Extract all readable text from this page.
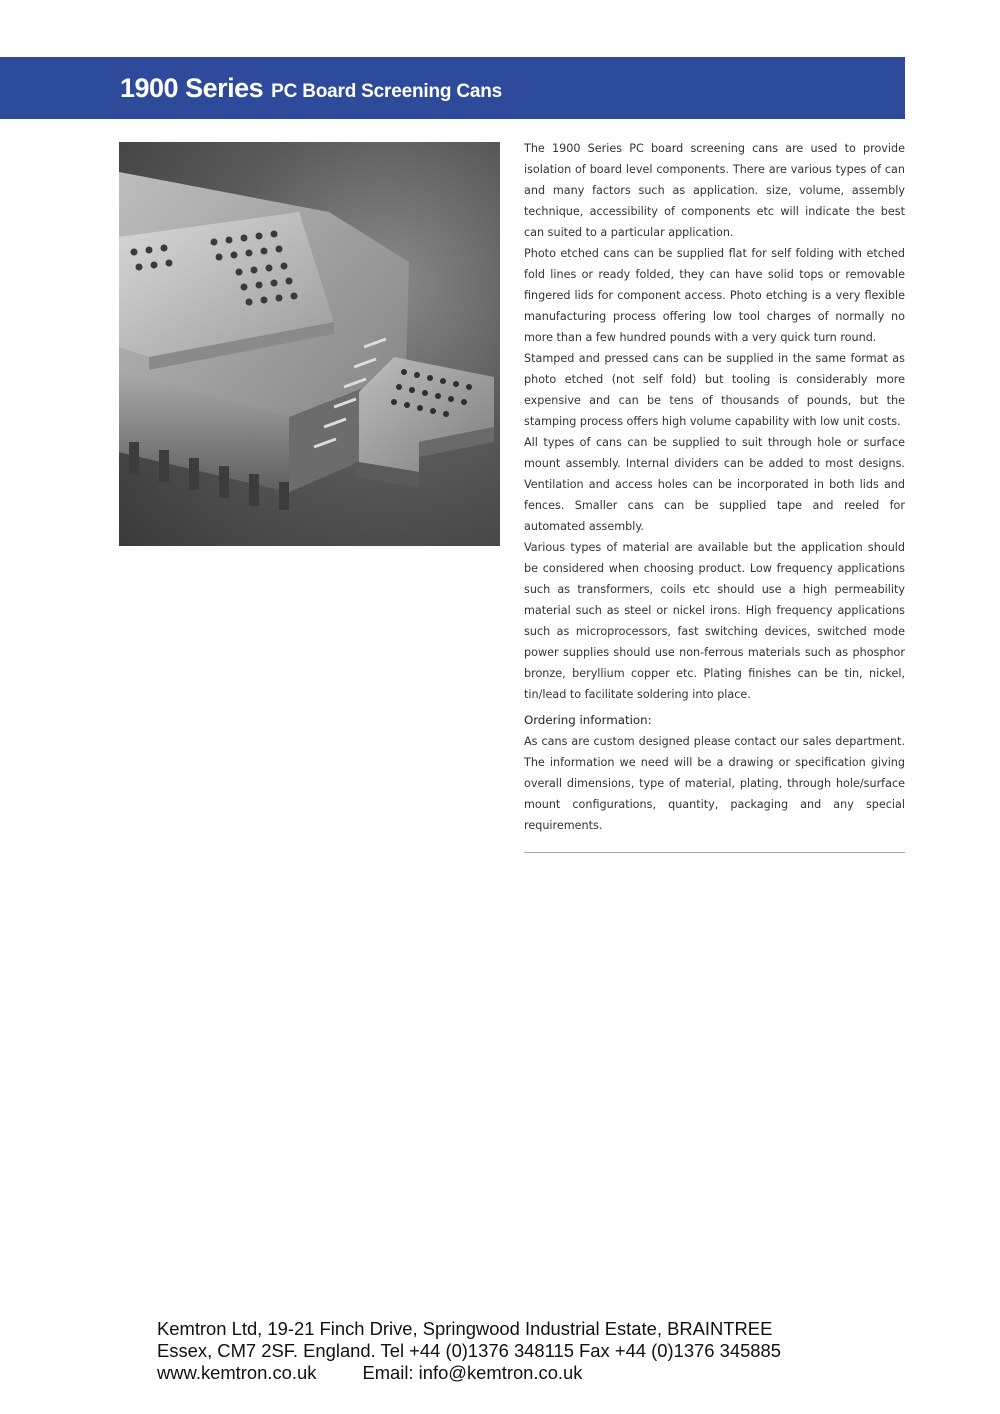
1900 Series PC Board Screening Cans

The 1900 Series PC board screening cans are used to provide isolation of board level components. There are various types of can and many factors such as application. size, volume, assembly technique, accessibility of components etc will indicate the best can suited to a particular application.

Photo etched cans can be supplied flat for self folding with etched fold lines or ready folded, they can have solid tops or removable fingered lids for component access. Photo etching is a very flexible manufacturing process offering low tool charges of normally no more than a few hundred pounds with a very quick turn round.

Stamped and pressed cans can be supplied in the same format as photo etched (not self fold) but tooling is considerably more expensive and can be tens of thousands of pounds, but the stamping process offers high volume capability with low unit costs.

All types of cans can be supplied to suit through hole or surface mount assembly. Internal dividers can be added to most designs. Ventilation and access holes can be incorporated in both lids and fences. Smaller cans can be supplied tape and reeled for automated assembly.

Various types of material are available but the application should be considered when choosing product. Low frequency applications such as transformers, coils etc should use a high permeability material such as steel or nickel irons. High frequency applications such as microprocessors, fast switching devices, switched mode power supplies should use non-ferrous materials such as phosphor bronze, beryllium copper etc. Plating finishes can be tin, nickel, tin/lead to facilitate soldering into place.

Ordering information:

As cans are custom designed please contact our sales department. The information we need will be a drawing or specification giving overall dimensions, type of material, plating, through hole/surface mount configurations, quantity, packaging and any special requirements.

Kemtron Ltd, 19-21 Finch Drive, Springwood Industrial Estate, BRAINTREE
Essex, CM7 2SF. England. Tel +44 (0)1376 348115 Fax +44 (0)1376 345885
www.kemtron.co.uk	Email: info@kemtron.co.uk
